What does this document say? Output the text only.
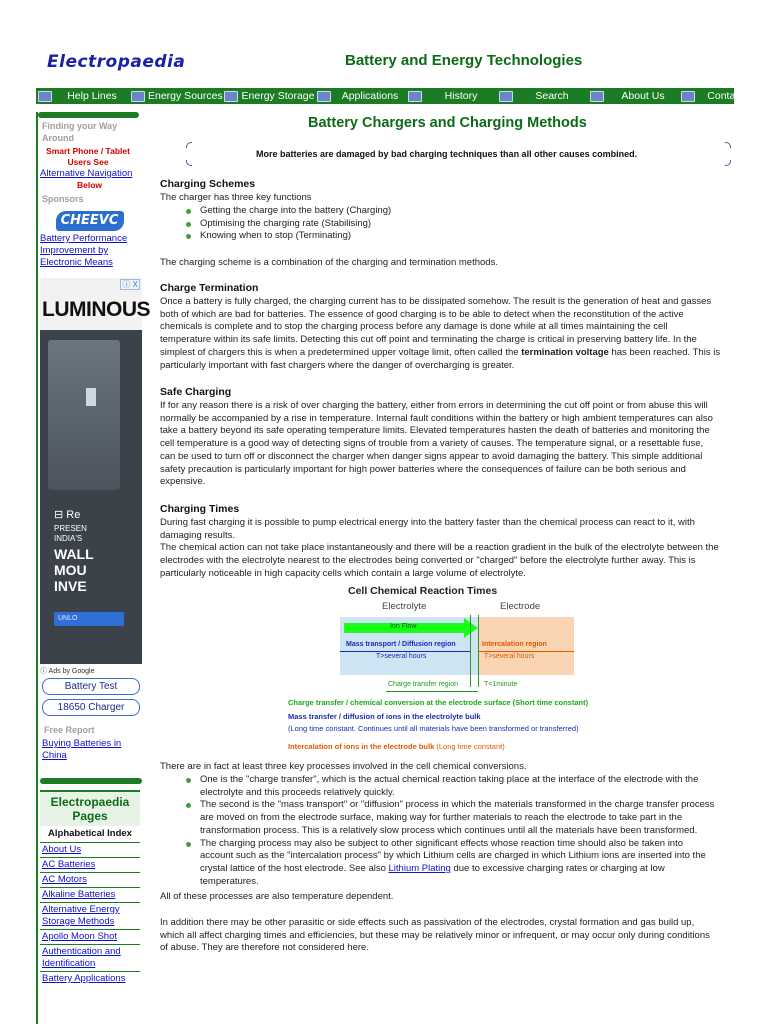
Electropaedia	Battery and Energy Technologies
Help Lines	Energy Sources Energy Storage	Applications	History	Search	About Us	Contacts
Finding your Way Around
Smart Phone / Tablet Users See
Alternative Navigation
Below
Sponsors
CHEEVC
Battery Performance Improvement by Electronic Means
ⓘ X
LUMINOUS
⊟ Re
PRESEN
INDIA'S
WALL
MOU
INVE
UNLO
ⓘ Ads by Google
Battery Test
18650 Charger
Free Report
Buying Batteries in China
Electropaedia Pages
Alphabetical Index
About Us
AC Batteries
AC Motors
Alkaline Batteries
Alternative Energy Storage Methods
Apollo Moon Shot
Authentication and Identification
Battery Applications
Battery Chargers and Charging Methods
More batteries are damaged by bad charging techniques than all other causes combined.
Charging Schemes
The charger has three key functions
Getting the charge into the battery (Charging)
Optimising the charging rate (Stabilising)
Knowing when to stop (Terminating)
The charging scheme is a combination of the charging and termination methods.
Charge Termination

Once a battery is fully charged, the charging current has to be dissipated somehow. The result is the generation of heat and gasses

both of which are bad for batteries. The essence of good charging is to be able to detect when the reconstitution of the active

chemicals is complete and to stop the charging process before any damage is done while at all times maintaining the cell

temperature within its safe limits. Detecting this cut off point and terminating the charge is critical in preserving battery life. In the

simplest of chargers this is when a predetermined upper voltage limit, often called the termination voltage has been reached. This is

particularly important with fast chargers where the danger of overcharging is greater.

Safe Charging

If for any reason there is a risk of over charging the battery, either from errors in determining the cut off point or from abuse this will

normally be accompanied by a rise in temperature. Internal fault conditions within the battery or high ambient temperatures can also

take a battery beyond its safe operating temperature limits. Elevated temperatures hasten the death of batteries and monitoring the

cell temperature is a good way of detecting signs of trouble from a variety of causes. The temperature signal, or a resettable fuse,

can be used to turn off or disconnect the charger when danger signs appear to avoid damaging the battery. This simple additional

safety precaution is particularly important for high power batteries where the consequences of failure can be both serious and

expensive.

Charging Times

During fast charging it is possible to pump electrical energy into the battery faster than the chemical process can react to it, with

damaging results.

The chemical action can not take place instantaneously and there will be a reaction gradient in the bulk of the electrolyte between the

electrodes with the electrolyte nearest to the electrodes being converted or "charged" before the electrolyte further away. This is

particularly noticeable in high capacity cells which contain a large volume of electrolyte.

Cell Chemical Reaction Times
Electrolyte	Electrode
Ion Flow
Mass transport / Diffusion region
T>several hours
Intercalation region
T>several hours
Charge transfer region	T<1minute
Charge transfer / chemical conversion at the electrode surface (Short time constant)
Mass transfer / diffusion of ions in the electrolyte bulk
(Long time constant. Continues until all materials have been transformed or transferred)
Intercalation of ions in the electrode bulk (Long time constant)
There are in fact at least three key processes involved in the cell chemical conversions.
One is the "charge transfer", which is the actual chemical reaction taking place at the interface of the electrode with the
electrolyte and this proceeds relatively quickly.
The second is the "mass transport" or "diffusion" process in which the materials transformed in the charge transfer process
are moved on from the electrode surface, making way for further materials to reach the electrode to take part in the
transformation process. This is a relatively slow process which continues until all the materials have been transformed.
The charging process may also be subject to other significant effects whose reaction time should also be taken into
account such as the "intercalation process" by which Lithium cells are charged in which Lithium ions are inserted into the
crystal lattice of the host electrode. See also Lithium Plating due to excessive charging rates or charging at low
temperatures.
All of these processes are also temperature dependent.

In addition there may be other parasitic or side effects such as passivation of the electrodes, crystal formation and gas build up,

which all affect charging times and efficiencies, but these may be relatively minor or infrequent, or may occur only during conditions

of abuse. They are therefore not considered here.
